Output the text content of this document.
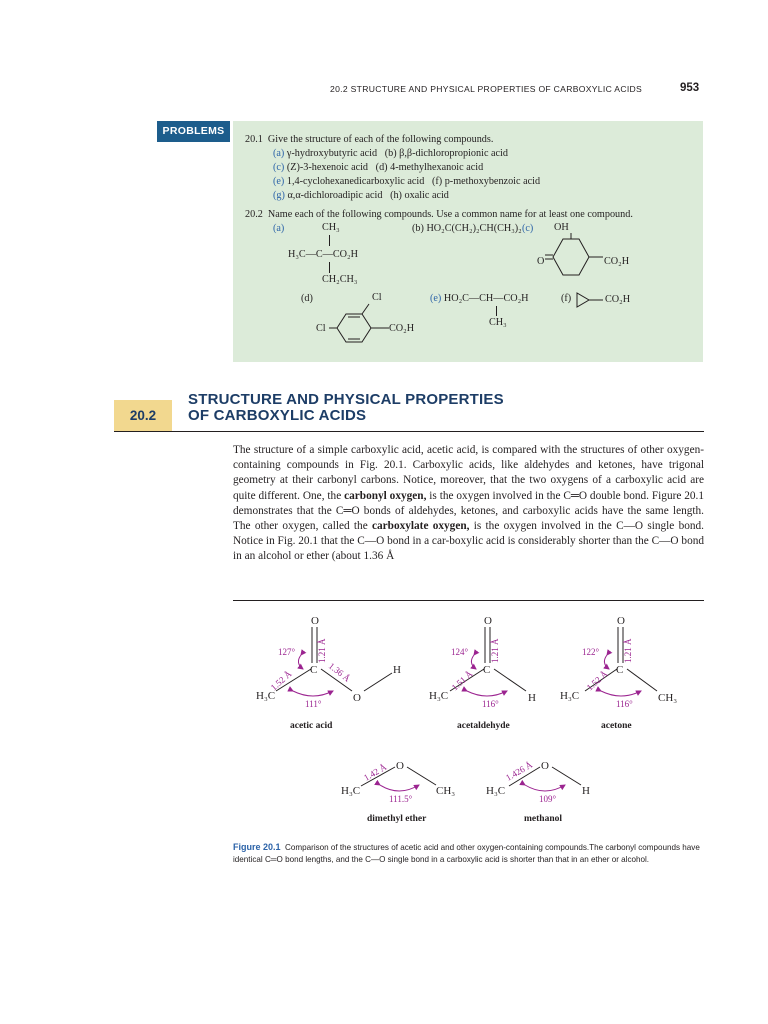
20.2 STRUCTURE AND PHYSICAL PROPERTIES OF CARBOXYLIC ACIDS	953
PROBLEMS
20.1 Give the structure of each of the following compounds.
(a) γ-hydroxybutyric acid (b) β,β-dichloropropionic acid
(c) (Z)-3-hexenoic acid (d) 4-methylhexanoic acid
(e) 1,4-cyclohexanedicarboxylic acid (f) p-methoxybenzoic acid
(g) α,α-dichloroadipic acid (h) oxalic acid
20.2 Name each of the following compounds. Use a common name for at least one compound.
(a)	CH₃
H₃C—C—CO₂H
CH₂CH₃
(b) HO₂C(CH₂)₂CH(CH₃)₂ (c) OH
O	CO₂H
(d)	Cl
Cl	CO₂H
(e) HO₂C—CH—CO₂H
CH₃
(f)	CO₂H
20.2
STRUCTURE AND PHYSICAL PROPERTIES
OF CARBOXYLIC ACIDS

The structure of a simple carboxylic acid, acetic acid, is compared with the structures of other oxygen-containing compounds in Fig. 20.1. Carboxylic acids, like aldehydes and ketones, have trigonal geometry at their carbonyl carbons. Notice, moreover, that the two oxygens of a carboxylic acid are quite different. One, the carbonyl oxygen, is the oxygen involved in the C═O double bond. Figure 20.1 demonstrates that the C═O bonds of aldehydes, ketones, and carboxylic acids have the same length. The other oxygen, called the carboxylate oxygen, is the oxygen involved in the C—O single bond. Notice in Fig. 20.1 that the C—O bond in a car-boxylic acid is considerably shorter than the C—O bond in an alcohol or ether (about 1.36 Å

O
C
O
H
H₃C
1.21 Å
1.52 Å	1.36 Å
127°
111°
acetic acid
O
C
H
H₃C
1.21 Å
1.51 Å
124°
116°
acetaldehyde
O
C
H₃C	CH₃
1.21 Å
1.52 Å
122°
116°
acetone
O
H₃C	CH₃
1.42 Å
111.5°
dimethyl ether
O
H₃C	H
1.426 Å
109°
methanol
Figure 20.1 Comparison of the structures of acetic acid and other oxygen-containing compounds.The carbonyl compounds have identical C═O bond lengths, and the C—O single bond in a carboxylic acid is shorter than that in an ether or alcohol.
